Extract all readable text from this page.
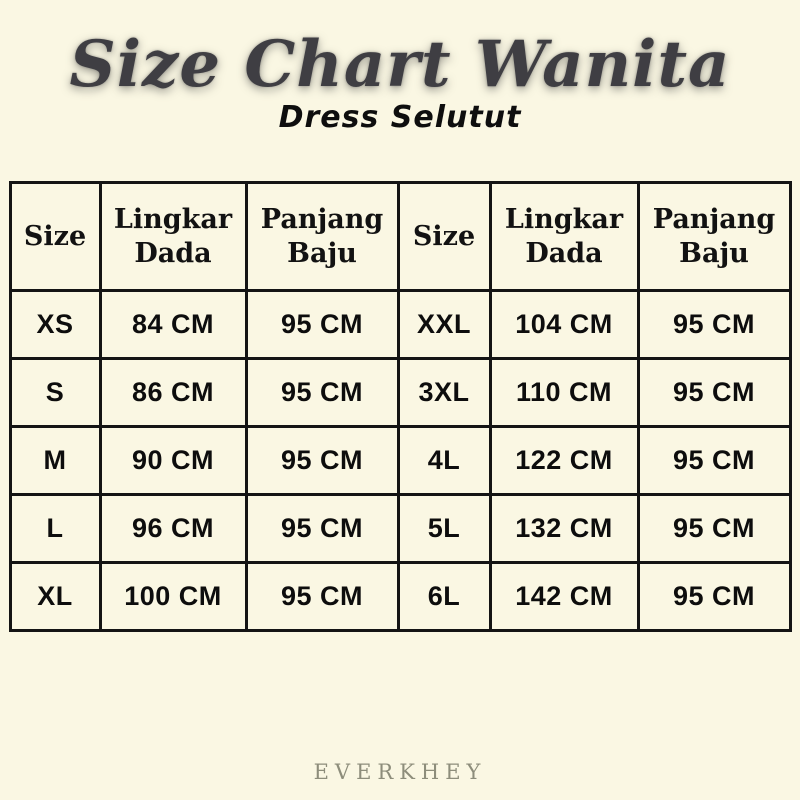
Size Chart Wanita
Dress Selutut
Size	Lingkar Dada	Panjang Baju	Size	Lingkar Dada	Panjang Baju
XS	84 CM	95 CM	XXL	104 CM	95 CM
S	86 CM	95 CM	3XL	110 CM	95 CM
M	90 CM	95 CM	4L	122 CM	95 CM
L	96 CM	95 CM	5L	132 CM	95 CM
XL	100 CM	95 CM	6L	142 CM	95 CM
EVERKHEY
